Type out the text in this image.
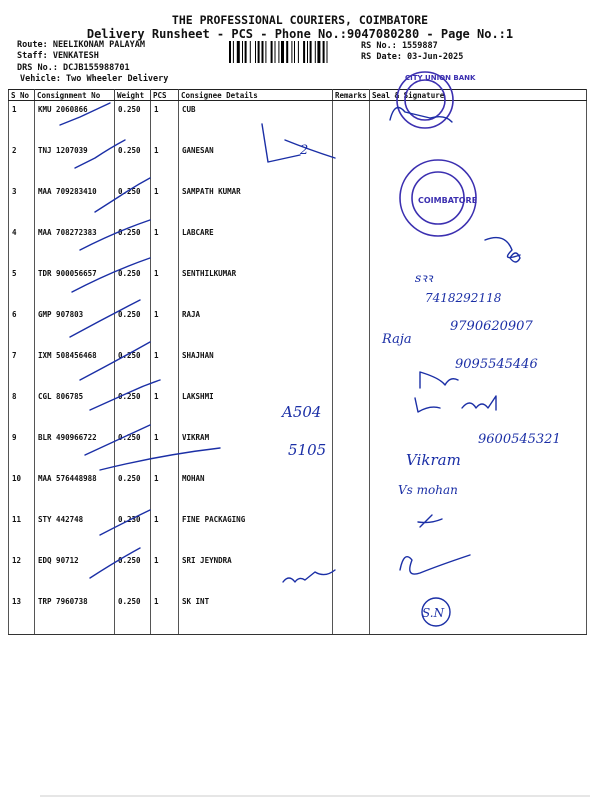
THE PROFESSIONAL COURIERS, COIMBATORE
Delivery Runsheet - PCS - Phone No.:9047080280 - Page No.:1
Route: NEELIKONAM PALAYAM
Staff: VENKATESH
DRS No.: DCJB155988701
Vehicle: Two Wheeler Delivery
RS No.: 1559887
RS Date: 03-Jun-2025
S No	Consignment No	Weight	PCS	Consignee Details	Remarks	Seal & Signature
1	KMU 2060866	0.250	1	CUB		
2	TNJ 1207039	0.250	1	GANESAN		
3	MAA 709283410	0.250	1	SAMPATH KUMAR		
4	MAA 708272383	0.250	1	LABCARE		
5	TDR 900056657	0.250	1	SENTHILKUMAR		
6	GMP 907803	0.250	1	RAJA		
7	IXM 508456468	0.250	1	SHAJHAN		
8	CGL 806785	0.250	1	LAKSHMI		
9	BLR 490966722	0.250	1	VIKRAM		
10	MAA 576448988	0.250	1	MOHAN		
11	STY 442748	0.230	1	FINE PACKAGING		
12	EDQ 90712	0.250	1	SRI JEYNDRA		
13	TRP 7960738	0.250	1	SK INT		
2
CITY UNION BANK
COIMBATORE
ꜱꝛꝛ
7418292118
Raja
9790620907
9095545446
A504
5105
9600545321
Vikram
Vs mohan
S.N
